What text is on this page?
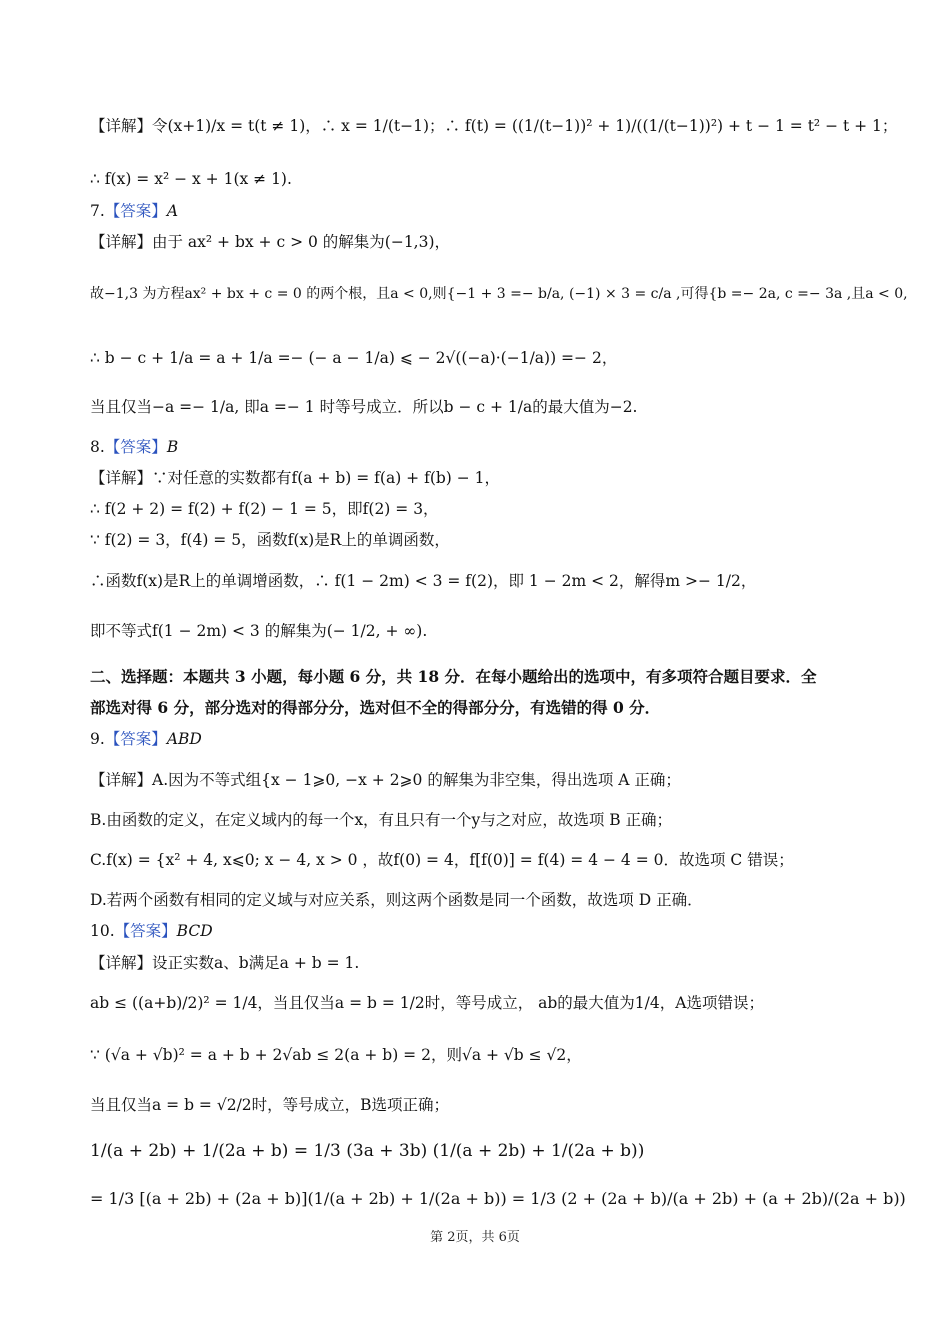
【详解】令(x+1)/x = t(t ≠ 1)，∴ x = 1/(t−1)；∴ f(t) = ((1/(t−1))² + 1)/((1/(t−1))²) + t − 1 = t² − t + 1；
∴ f(x) = x² − x + 1(x ≠ 1).
7.【答案】A
【详解】由于 ax² + bx + c > 0 的解集为(−1,3)，
故−1,3 为方程ax² + bx + c = 0 的两个根，且a < 0,则{−1 + 3 =− b/a, (−1) × 3 = c/a ,可得{b =− 2a, c =− 3a ,且a < 0,
∴ b − c + 1/a = a + 1/a =− (− a − 1/a) ⩽ − 2√((−a)·(−1/a)) =− 2，
当且仅当−a =− 1/a, 即a =− 1 时等号成立．所以b − c + 1/a的最大值为−2.
8.【答案】B
【详解】∵对任意的实数都有f(a + b) = f(a) + f(b) − 1，
∴ f(2 + 2) = f(2) + f(2) − 1 = 5，即f(2) = 3，
∵ f(2) = 3，f(4) = 5，函数f(x)是R上的单调函数，
∴函数f(x)是R上的单调增函数，∴ f(1 − 2m) < 3 = f(2)，即 1 − 2m < 2，解得m >− 1/2，
即不等式f(1 − 2m) < 3 的解集为(− 1/2, + ∞).
二、选择题：本题共 3 小题，每小题 6 分，共 18 分．在每小题给出的选项中，有多项符合题目要求．全
部选对得 6 分，部分选对的得部分分，选对但不全的得部分分，有选错的得 0 分．
9.【答案】ABD
【详解】A.因为不等式组{x − 1⩾0, −x + 2⩾0 的解集为非空集，得出选项 A 正确；
B.由函数的定义，在定义域内的每一个x，有且只有一个y与之对应，故选项 B 正确；
C.f(x) = {x² + 4, x⩽0; x − 4, x > 0 ，故f(0) = 4，f[f(0)] = f(4) = 4 − 4 = 0．故选项 C 错误；
D.若两个函数有相同的定义域与对应关系，则这两个函数是同一个函数，故选项 D 正确．
10.【答案】BCD
【详解】设正实数a、b满足a + b = 1.
ab ≤ ((a+b)/2)² = 1/4，当且仅当a = b = 1/2时，等号成立， ab的最大值为1/4，A选项错误；
∵ (√a + √b)² = a + b + 2√ab ≤ 2(a + b) = 2，则√a + √b ≤ √2，
当且仅当a = b = √2/2时，等号成立，B选项正确；
1/(a + 2b) + 1/(2a + b) = 1/3 (3a + 3b) (1/(a + 2b) + 1/(2a + b))
= 1/3 [(a + 2b) + (2a + b)](1/(a + 2b) + 1/(2a + b)) = 1/3 (2 + (2a + b)/(a + 2b) + (a + 2b)/(2a + b))
第 2页，共 6页
